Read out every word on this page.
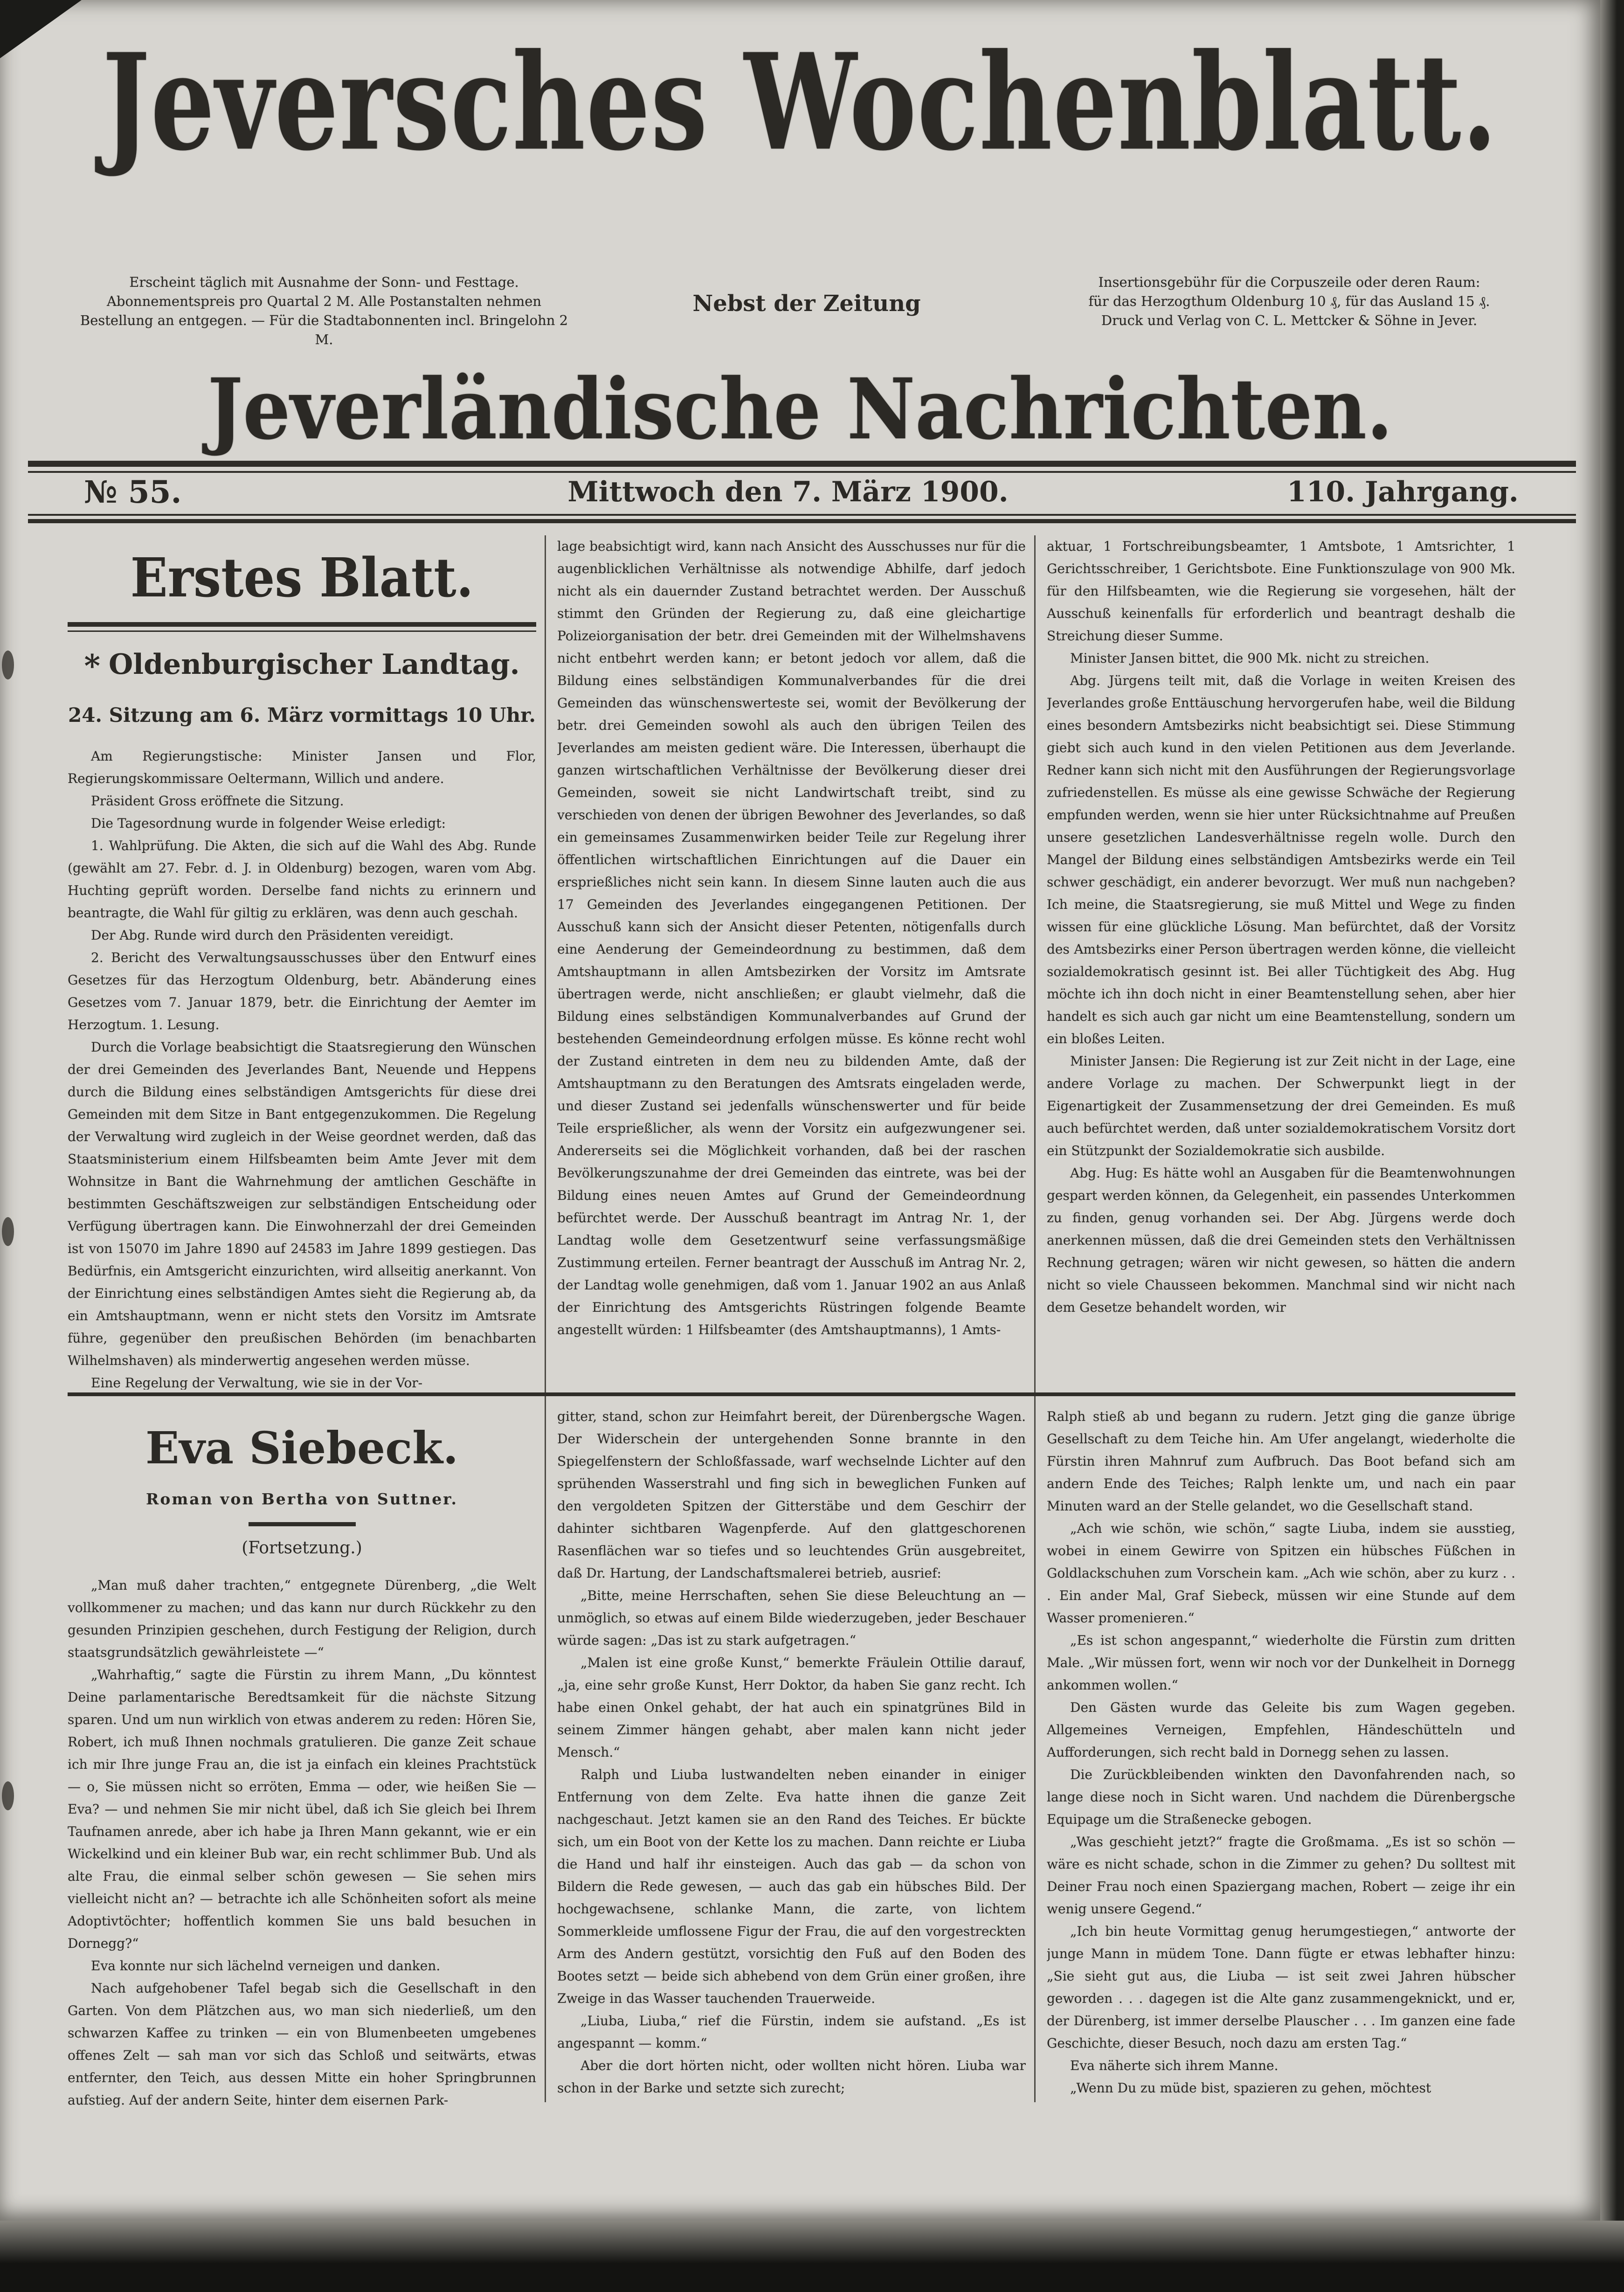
Jeversches Wochenblatt.
Erscheint täglich mit Ausnahme der Sonn- und Festtage.
Abonnementspreis pro Quartal 2 M. Alle Postanstalten nehmen
Bestellung an entgegen. — Für die Stadtabonnenten incl. Bringelohn 2 M.
Nebst der Zeitung
Insertionsgebühr für die Corpuszeile oder deren Raum:
für das Herzogthum Oldenburg 10 ₰, für das Ausland 15 ₰.
Druck und Verlag von C. L. Mettcker & Söhne in Jever.
Jeverländische Nachrichten.
№ 55.	Mittwoch den 7. März 1900.	110. Jahrgang.
Erstes Blatt.
* Oldenburgischer Landtag.
24. Sitzung am 6. März vormittags 10 Uhr.

Am Regierungstische: Minister Jansen und Flor, Regierungskommissare Oeltermann, Willich und andere.

Präsident Gross eröffnete die Sitzung.

Die Tagesordnung wurde in folgender Weise erledigt:

1. Wahlprüfung. Die Akten, die sich auf die Wahl des Abg. Runde (gewählt am 27. Febr. d. J. in Oldenburg) bezogen, waren vom Abg. Huchting geprüft worden. Derselbe fand nichts zu erinnern und beantragte, die Wahl für giltig zu erklären, was denn auch geschah.

Der Abg. Runde wird durch den Präsidenten vereidigt.

2. Bericht des Verwaltungsausschusses über den Entwurf eines Gesetzes für das Herzogtum Oldenburg, betr. Abänderung eines Gesetzes vom 7. Januar 1879, betr. die Einrichtung der Aemter im Herzogtum. 1. Lesung.

Durch die Vorlage beabsichtigt die Staatsregierung den Wünschen der drei Gemeinden des Jeverlandes Bant, Neuende und Heppens durch die Bildung eines selbständigen Amtsgerichts für diese drei Gemeinden mit dem Sitze in Bant entgegenzukommen. Die Regelung der Verwaltung wird zugleich in der Weise geordnet werden, daß das Staatsministerium einem Hilfsbeamten beim Amte Jever mit dem Wohnsitze in Bant die Wahrnehmung der amtlichen Geschäfte in bestimmten Geschäftszweigen zur selbständigen Entscheidung oder Verfügung übertragen kann. Die Einwohnerzahl der drei Gemeinden ist von 15070 im Jahre 1890 auf 24583 im Jahre 1899 gestiegen. Das Bedürfnis, ein Amtsgericht einzurichten, wird allseitig anerkannt. Von der Einrichtung eines selbständigen Amtes sieht die Regierung ab, da ein Amtshauptmann, wenn er nicht stets den Vorsitz im Amtsrate führe, gegenüber den preußischen Behörden (im benachbarten Wilhelmshaven) als minderwertig angesehen werden müsse.

Eine Regelung der Verwaltung, wie sie in der Vor-

lage beabsichtigt wird, kann nach Ansicht des Ausschusses nur für die augenblicklichen Verhältnisse als notwendige Abhilfe, darf jedoch nicht als ein dauernder Zustand betrachtet werden. Der Ausschuß stimmt den Gründen der Regierung zu, daß eine gleichartige Polizeiorganisation der betr. drei Gemeinden mit der Wilhelmshavens nicht entbehrt werden kann; er betont jedoch vor allem, daß die Bildung eines selbständigen Kommunalverbandes für die drei Gemeinden das wünschenswerteste sei, womit der Bevölkerung der betr. drei Gemeinden sowohl als auch den übrigen Teilen des Jeverlandes am meisten gedient wäre. Die Interessen, überhaupt die ganzen wirtschaftlichen Verhältnisse der Bevölkerung dieser drei Gemeinden, soweit sie nicht Landwirtschaft treibt, sind zu verschieden von denen der übrigen Bewohner des Jeverlandes, so daß ein gemeinsames Zusammenwirken beider Teile zur Regelung ihrer öffentlichen wirtschaftlichen Einrichtungen auf die Dauer ein ersprießliches nicht sein kann. In diesem Sinne lauten auch die aus 17 Gemeinden des Jeverlandes eingegangenen Petitionen. Der Ausschuß kann sich der Ansicht dieser Petenten, nötigenfalls durch eine Aenderung der Gemeindeordnung zu bestimmen, daß dem Amtshauptmann in allen Amtsbezirken der Vorsitz im Amtsrate übertragen werde, nicht anschließen; er glaubt vielmehr, daß die Bildung eines selbständigen Kommunalverbandes auf Grund der bestehenden Gemeindeordnung erfolgen müsse. Es könne recht wohl der Zustand eintreten in dem neu zu bildenden Amte, daß der Amtshauptmann zu den Beratungen des Amtsrats eingeladen werde, und dieser Zustand sei jedenfalls wünschenswerter und für beide Teile ersprießlicher, als wenn der Vorsitz ein aufgezwungener sei. Andererseits sei die Möglichkeit vorhanden, daß bei der raschen Bevölkerungszunahme der drei Gemeinden das eintrete, was bei der Bildung eines neuen Amtes auf Grund der Gemeindeordnung befürchtet werde. Der Ausschuß beantragt im Antrag Nr. 1, der Landtag wolle dem Gesetzentwurf seine verfassungsmäßige Zustimmung erteilen. Ferner beantragt der Ausschuß im Antrag Nr. 2, der Landtag wolle genehmigen, daß vom 1. Januar 1902 an aus Anlaß der Einrichtung des Amtsgerichts Rüstringen folgende Beamte angestellt würden: 1 Hilfsbeamter (des Amtshauptmanns), 1 Amts-

aktuar, 1 Fortschreibungsbeamter, 1 Amtsbote, 1 Amtsrichter, 1 Gerichtsschreiber, 1 Gerichtsbote. Eine Funktionszulage von 900 Mk. für den Hilfsbeamten, wie die Regierung sie vorgesehen, hält der Ausschuß keinenfalls für erforderlich und beantragt deshalb die Streichung dieser Summe.

Minister Jansen bittet, die 900 Mk. nicht zu streichen.

Abg. Jürgens teilt mit, daß die Vorlage in weiten Kreisen des Jeverlandes große Enttäuschung hervorgerufen habe, weil die Bildung eines besondern Amtsbezirks nicht beabsichtigt sei. Diese Stimmung giebt sich auch kund in den vielen Petitionen aus dem Jeverlande. Redner kann sich nicht mit den Ausführungen der Regierungsvorlage zufriedenstellen. Es müsse als eine gewisse Schwäche der Regierung empfunden werden, wenn sie hier unter Rücksichtnahme auf Preußen unsere gesetzlichen Landesverhältnisse regeln wolle. Durch den Mangel der Bildung eines selbständigen Amtsbezirks werde ein Teil schwer geschädigt, ein anderer bevorzugt. Wer muß nun nachgeben? Ich meine, die Staatsregierung, sie muß Mittel und Wege zu finden wissen für eine glückliche Lösung. Man befürchtet, daß der Vorsitz des Amtsbezirks einer Person übertragen werden könne, die vielleicht sozialdemokratisch gesinnt ist. Bei aller Tüchtigkeit des Abg. Hug möchte ich ihn doch nicht in einer Beamtenstellung sehen, aber hier handelt es sich auch gar nicht um eine Beamtenstellung, sondern um ein bloßes Leiten.

Minister Jansen: Die Regierung ist zur Zeit nicht in der Lage, eine andere Vorlage zu machen. Der Schwerpunkt liegt in der Eigenartigkeit der Zusammensetzung der drei Gemeinden. Es muß auch befürchtet werden, daß unter sozialdemokratischem Vorsitz dort ein Stützpunkt der Sozialdemokratie sich ausbilde.

Abg. Hug: Es hätte wohl an Ausgaben für die Beamtenwohnungen gespart werden können, da Gelegenheit, ein passendes Unterkommen zu finden, genug vorhanden sei. Der Abg. Jürgens werde doch anerkennen müssen, daß die drei Gemeinden stets den Verhältnissen Rechnung getragen; wären wir nicht gewesen, so hätten die andern nicht so viele Chausseen bekommen. Manchmal sind wir nicht nach dem Gesetze behandelt worden, wir

Eva Siebeck.
Roman von Bertha von Suttner.
(Fortsetzung.)

„Man muß daher trachten,“ entgegnete Dürenberg, „die Welt vollkommener zu machen; und das kann nur durch Rückkehr zu den gesunden Prinzipien geschehen, durch Festigung der Religion, durch staatsgrundsätzlich gewährleistete —“

„Wahrhaftig,“ sagte die Fürstin zu ihrem Mann, „Du könntest Deine parlamentarische Beredtsamkeit für die nächste Sitzung sparen. Und um nun wirklich von etwas anderem zu reden: Hören Sie, Robert, ich muß Ihnen nochmals gratulieren. Die ganze Zeit schaue ich mir Ihre junge Frau an, die ist ja einfach ein kleines Prachtstück — o, Sie müssen nicht so erröten, Emma — oder, wie heißen Sie — Eva? — und nehmen Sie mir nicht übel, daß ich Sie gleich bei Ihrem Taufnamen anrede, aber ich habe ja Ihren Mann gekannt, wie er ein Wickelkind und ein kleiner Bub war, ein recht schlimmer Bub. Und als alte Frau, die einmal selber schön gewesen — Sie sehen mirs vielleicht nicht an? — betrachte ich alle Schönheiten sofort als meine Adoptivtöchter; hoffentlich kommen Sie uns bald besuchen in Dornegg?“

Eva konnte nur sich lächelnd verneigen und danken.

Nach aufgehobener Tafel begab sich die Gesellschaft in den Garten. Von dem Plätzchen aus, wo man sich niederließ, um den schwarzen Kaffee zu trinken — ein von Blumenbeeten umgebenes offenes Zelt — sah man vor sich das Schloß und seitwärts, etwas entfernter, den Teich, aus dessen Mitte ein hoher Springbrunnen aufstieg. Auf der andern Seite, hinter dem eisernen Park-

gitter, stand, schon zur Heimfahrt bereit, der Dürenbergsche Wagen. Der Widerschein der untergehenden Sonne brannte in den Spiegelfenstern der Schloßfassade, warf wechselnde Lichter auf den sprühenden Wasserstrahl und fing sich in beweglichen Funken auf den vergoldeten Spitzen der Gitterstäbe und dem Geschirr der dahinter sichtbaren Wagenpferde. Auf den glattgeschorenen Rasenflächen war so tiefes und so leuchtendes Grün ausgebreitet, daß Dr. Hartung, der Landschaftsmalerei betrieb, ausrief:

„Bitte, meine Herrschaften, sehen Sie diese Beleuchtung an — unmöglich, so etwas auf einem Bilde wiederzugeben, jeder Beschauer würde sagen: „Das ist zu stark aufgetragen.“

„Malen ist eine große Kunst,“ bemerkte Fräulein Ottilie darauf, „ja, eine sehr große Kunst, Herr Doktor, da haben Sie ganz recht. Ich habe einen Onkel gehabt, der hat auch ein spinatgrünes Bild in seinem Zimmer hängen gehabt, aber malen kann nicht jeder Mensch.“

Ralph und Liuba lustwandelten neben einander in einiger Entfernung von dem Zelte. Eva hatte ihnen die ganze Zeit nachgeschaut. Jetzt kamen sie an den Rand des Teiches. Er bückte sich, um ein Boot von der Kette los zu machen. Dann reichte er Liuba die Hand und half ihr einsteigen. Auch das gab — da schon von Bildern die Rede gewesen, — auch das gab ein hübsches Bild. Der hochgewachsene, schlanke Mann, die zarte, von lichtem Sommerkleide umflossene Figur der Frau, die auf den vorgestreckten Arm des Andern gestützt, vorsichtig den Fuß auf den Boden des Bootes setzt — beide sich abhebend von dem Grün einer großen, ihre Zweige in das Wasser tauchenden Trauerweide.

„Liuba, Liuba,“ rief die Fürstin, indem sie aufstand. „Es ist angespannt — komm.“

Aber die dort hörten nicht, oder wollten nicht hören. Liuba war schon in der Barke und setzte sich zurecht;

Ralph stieß ab und begann zu rudern. Jetzt ging die ganze übrige Gesellschaft zu dem Teiche hin. Am Ufer angelangt, wiederholte die Fürstin ihren Mahnruf zum Aufbruch. Das Boot befand sich am andern Ende des Teiches; Ralph lenkte um, und nach ein paar Minuten ward an der Stelle gelandet, wo die Gesellschaft stand.

„Ach wie schön, wie schön,“ sagte Liuba, indem sie ausstieg, wobei in einem Gewirre von Spitzen ein hübsches Füßchen in Goldlackschuhen zum Vorschein kam. „Ach wie schön, aber zu kurz . . . Ein ander Mal, Graf Siebeck, müssen wir eine Stunde auf dem Wasser promenieren.“

„Es ist schon angespannt,“ wiederholte die Fürstin zum dritten Male. „Wir müssen fort, wenn wir noch vor der Dunkelheit in Dornegg ankommen wollen.“

Den Gästen wurde das Geleite bis zum Wagen gegeben. Allgemeines Verneigen, Empfehlen, Händeschütteln und Aufforderungen, sich recht bald in Dornegg sehen zu lassen.

Die Zurückbleibenden winkten den Davonfahrenden nach, so lange diese noch in Sicht waren. Und nachdem die Dürenbergsche Equipage um die Straßenecke gebogen.

„Was geschieht jetzt?“ fragte die Großmama. „Es ist so schön — wäre es nicht schade, schon in die Zimmer zu gehen? Du solltest mit Deiner Frau noch einen Spaziergang machen, Robert — zeige ihr ein wenig unsere Gegend.“

„Ich bin heute Vormittag genug herumgestiegen,“ antworte der junge Mann in müdem Tone. Dann fügte er etwas lebhafter hinzu: „Sie sieht gut aus, die Liuba — ist seit zwei Jahren hübscher geworden . . . dagegen ist die Alte ganz zusammengeknickt, und er, der Dürenberg, ist immer derselbe Plauscher . . . Im ganzen eine fade Geschichte, dieser Besuch, noch dazu am ersten Tag.“

Eva näherte sich ihrem Manne.

„Wenn Du zu müde bist, spazieren zu gehen, möchtest
